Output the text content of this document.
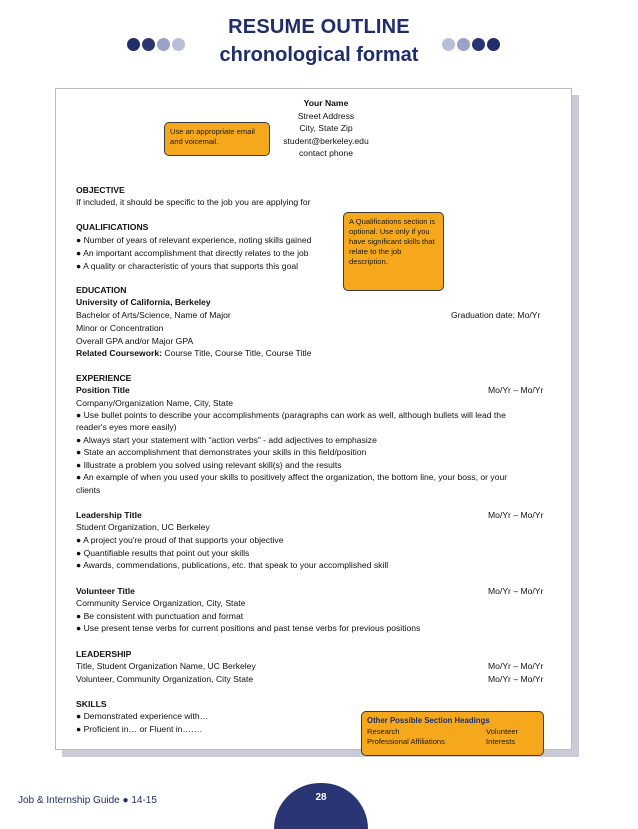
RESUME OUTLINE
chronological format
Your Name
Street Address
City, State Zip
student@berkeley.edu
contact phone
Use an appropriate email and voicemail.
OBJECTIVE
If included, it should be specific to the job you are applying for
QUALIFICATIONS
● Number of years of relevant experience, noting skills gained
● An important accomplishment that directly relates to the job
● A quality or characteristic of yours that supports this goal
A Qualifications section is optional. Use only if you have significant skills that relate to the job description.
EDUCATION
University of California, Berkeley
Bachelor of Arts/Science, Name of Major	Graduation date: Mo/Yr
Minor or Concentration
Overall GPA and/or Major GPA
Related Coursework: Course Title, Course Title, Course Title
EXPERIENCE
Position Title	Mo/Yr – Mo/Yr
Company/Organization Name, City, State
● Use bullet points to describe your accomplishments (paragraphs can work as well, although bullets will lead the
reader's eyes more easily)
● Always start your statement with “action verbs” - add adjectives to emphasize
● State an accomplishment that demonstrates your skills in this field/position
● Illustrate a problem you solved using relevant skill(s) and the results
● An example of when you used your skills to positively affect the organization, the bottom line, your boss, or your
clients
Leadership Title	Mo/Yr – Mo/Yr
Student Organization, UC Berkeley
● A project you're proud of that supports your objective
● Quantifiable results that point out your skills
● Awards, commendations, publications, etc. that speak to your accomplished skill
Volunteer Title	Mo/Yr – Mo/Yr
Community Service Organization, City, State
● Be consistent with punctuation and format
● Use present tense verbs for current positions and past tense verbs for previous positions
LEADERSHIP
Title, Student Organization Name, UC Berkeley	Mo/Yr – Mo/Yr
Volunteer, Community Organization, City State	Mo/Yr – Mo/Yr
SKILLS
● Demonstrated experience with…
● Proficient in… or Fluent in…….
Other Possible Section Headings
Research	Volunteer
Professional Affiliations	Interests
Job & Internship Guide ● 14-15	28
